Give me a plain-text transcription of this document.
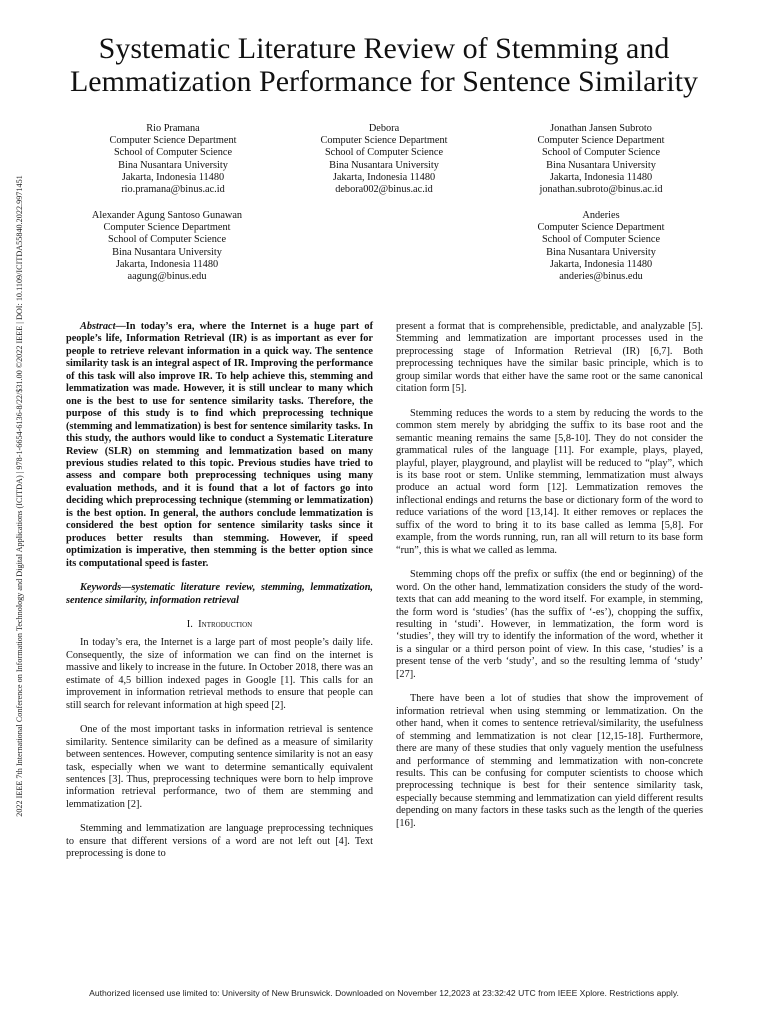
2022 IEEE 7th International Conference on Information Technology and Digital Applications (ICITDA) | 978-1-6654-6136-8/22/$31.00 ©2022 IEEE | DOI: 10.1109/ICITDA55840.2022.9971451
Systematic Literature Review of Stemming and
Lemmatization Performance for Sentence Similarity
Rio Pramana
Computer Science Department
School of Computer Science
Bina Nusantara University
Jakarta, Indonesia 11480
rio.pramana@binus.ac.id
Debora
Computer Science Department
School of Computer Science
Bina Nusantara University
Jakarta, Indonesia 11480
debora002@binus.ac.id
Jonathan Jansen Subroto
Computer Science Department
School of Computer Science
Bina Nusantara University
Jakarta, Indonesia 11480
jonathan.subroto@binus.ac.id
Alexander Agung Santoso Gunawan
Computer Science Department
School of Computer Science
Bina Nusantara University
Jakarta, Indonesia 11480
aagung@binus.edu
Anderies
Computer Science Department
School of Computer Science
Bina Nusantara University
Jakarta, Indonesia 11480
anderies@binus.edu

Abstract—In today’s era, where the Internet is a huge part of people’s life, Information Retrieval (IR) is as important as ever for people to retrieve relevant information in a quick way. The sentence similarity task is an integral aspect of IR. Improving the performance of this task will also improve IR. To help achieve this, stemming and lemmatization was made. However, it is still unclear to many which one is the best to use for sentence similarity tasks. Therefore, the purpose of this study is to find which preprocessing technique (stemming and lemmatization) is best for sentence similarity tasks. In this study, the authors would like to conduct a Systematic Literature Review (SLR) on stemming and lemmatization based on many previous studies related to this topic. Previous studies have tried to assess and compare both preprocessing techniques using many evaluation methods, and it is found that a lot of factors go into deciding which preprocessing technique (stemming or lemmatization) is the best option. In general, the authors conclude lemmatization is considered the best option for sentence similarity tasks since it produces better results than stemming. However, if speed optimization is imperative, then stemming is the better option since its computational speed is faster.

Keywords—systematic literature review, stemming, lemmatization, sentence similarity, information retrieval

I. Introduction

In today’s era, the Internet is a large part of most people’s daily life. Consequently, the size of information we can find on the internet is massive and likely to increase in the future. In October 2018, there was an estimate of 4,5 billion indexed pages in Google [1]. This calls for an improvement in information retrieval methods to ensure that people can still search for relevant information at high speed [2].

One of the most important tasks in information retrieval is sentence similarity. Sentence similarity can be defined as a measure of similarity between sentences. However, computing sentence similarity is not an easy task, especially when we want to determine semantically equivalent sentences [3]. Thus, preprocessing techniques were born to help improve information retrieval performance, two of them are stemming and lemmatization [2].

Stemming and lemmatization are language preprocessing techniques to ensure that different versions of a word are not left out [4]. Text preprocessing is done to

present a format that is comprehensible, predictable, and analyzable [5]. Stemming and lemmatization are important processes used in the preprocessing stage of Information Retrieval (IR) [6,7]. Both preprocessing techniques have the similar basic principle, which is to group similar words that either have the same root or the same canonical citation form [5].

Stemming reduces the words to a stem by reducing the words to the common stem merely by abridging the suffix to its base root and the semantic meaning remains the same [5,8-10]. They do not consider the grammatical rules of the language [11]. For example, plays, played, playful, player, playground, and playlist will be reduced to “play”, which is its base root or stem. Unlike stemming, lemmatization must always produce an actual word form [12]. Lemmatization removes the inflectional endings and returns the base or dictionary form of the word to reduce variations of the word [13,14]. It either removes or replaces the suffix of the word to bring it to its base called as lemma [5,8]. For example, from the words running, run, ran all will return to its base form “run”, this is what we called as lemma.

Stemming chops off the prefix or suffix (the end or beginning) of the word. On the other hand, lemmatization considers the study of the word-texts that can add meaning to the word itself. For example, in stemming, the form word is ‘studies’ (has the suffix of ‘-es’), chopping the suffix, resulting in ‘studi’. However, in lemmatization, the form word is ‘studies’, they will try to identify the information of the word, whether it is a singular or a third person point of view. In this case, ‘studies’ is a present tense of the verb ‘study’, and so the resulting lemma of ‘study’ [27].

There have been a lot of studies that show the improvement of information retrieval when using stemming or lemmatization. On the other hand, when it comes to sentence retrieval/similarity, the usefulness of stemming and lemmatization is not clear [12,15-18]. Furthermore, there are many of these studies that only vaguely mention the usefulness and performance of stemming and lemmatization with non-concrete results. This can be confusing for computer scientists to choose which preprocessing technique is best for their sentence similarity task, especially because stemming and lemmatization can yield different results depending on many factors in these tasks such as the length of the queries [16].

Authorized licensed use limited to: University of New Brunswick. Downloaded on November 12,2023 at 23:32:42 UTC from IEEE Xplore. Restrictions apply.
